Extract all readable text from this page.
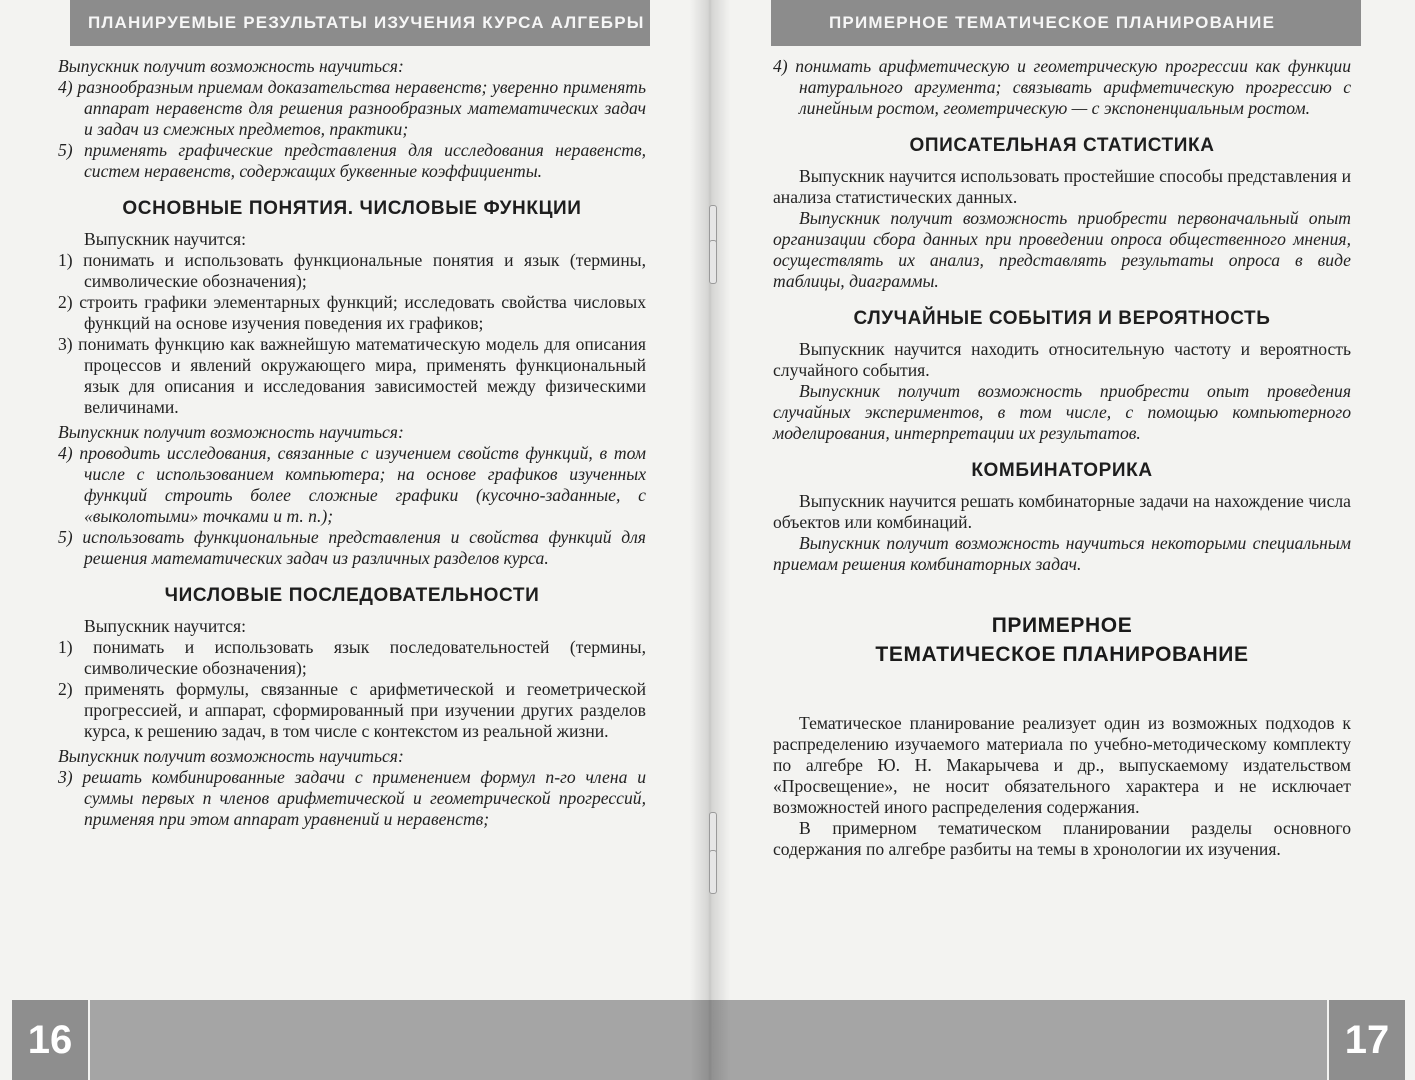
ПЛАНИРУЕМЫЕ РЕЗУЛЬТАТЫ ИЗУЧЕНИЯ КУРСА АЛГЕБРЫ

Выпускник получит возможность научиться:

4) разнообразным приемам доказательства неравенств; уверенно применять аппарат неравенств для решения разнообразных математических задач и задач из смежных предметов, практики;

5) применять графические представления для исследования неравенств, систем неравенств, содержащих буквенные коэффициенты.

ОСНОВНЫЕ ПОНЯТИЯ. ЧИСЛОВЫЕ ФУНКЦИИ

Выпускник научится:

1) понимать и использовать функциональные понятия и язык (термины, символические обозначения);

2) строить графики элементарных функций; исследовать свойства числовых функций на основе изучения поведения их графиков;

3) понимать функцию как важнейшую математическую модель для описания процессов и явлений окружающего мира, применять функциональный язык для описания и исследования зависимостей между физическими величинами.

Выпускник получит возможность научиться:

4) проводить исследования, связанные с изучением свойств функций, в том числе с использованием компьютера; на основе графиков изученных функций строить более сложные графики (кусочно-заданные, с «выколотыми» точками и т. п.);

5) использовать функциональные представления и свойства функций для решения математических задач из различных разделов курса.

ЧИСЛОВЫЕ ПОСЛЕДОВАТЕЛЬНОСТИ

Выпускник научится:

1) понимать и использовать язык последовательностей (термины, символические обозначения);

2) применять формулы, связанные с арифметической и геометрической прогрессией, и аппарат, сформированный при изучении других разделов курса, к решению задач, в том числе с контекстом из реальной жизни.

Выпускник получит возможность научиться:

3) решать комбинированные задачи с применением формул n-го члена и суммы первых n членов арифметической и геометрической прогрессий, применяя при этом аппарат уравнений и неравенств;

16
ПРИМЕРНОЕ ТЕМАТИЧЕСКОЕ ПЛАНИРОВАНИЕ

4) понимать арифметическую и геометрическую прогрессии как функции натурального аргумента; связывать арифметическую прогрессию с линейным ростом, геометрическую — с экспоненциальным ростом.

ОПИСАТЕЛЬНАЯ СТАТИСТИКА

Выпускник научится использовать простейшие способы представления и анализа статистических данных.

Выпускник получит возможность приобрести первоначальный опыт организации сбора данных при проведении опроса общественного мнения, осуществлять их анализ, представлять результаты опроса в виде таблицы, диаграммы.

СЛУЧАЙНЫЕ СОБЫТИЯ И ВЕРОЯТНОСТЬ

Выпускник научится находить относительную частоту и вероятность случайного события.

Выпускник получит возможность приобрести опыт проведения случайных экспериментов, в том числе, с помощью компьютерного моделирования, интерпретации их результатов.

КОМБИНАТОРИКА

Выпускник научится решать комбинаторные задачи на нахождение числа объектов или комбинаций.

Выпускник получит возможность научиться некоторыми специальным приемам решения комбинаторных задач.

ПРИМЕРНОЕ
ТЕМАТИЧЕСКОЕ ПЛАНИРОВАНИЕ

Тематическое планирование реализует один из возможных подходов к распределению изучаемого материала по учебно-методическому комплекту по алгебре Ю. Н. Макарычева и др., выпускаемому издательством «Просвещение», не носит обязательного характера и не исключает возможностей иного распределения содержания.

В примерном тематическом планировании разделы основного содержания по алгебре разбиты на темы в хронологии их изучения.

17
